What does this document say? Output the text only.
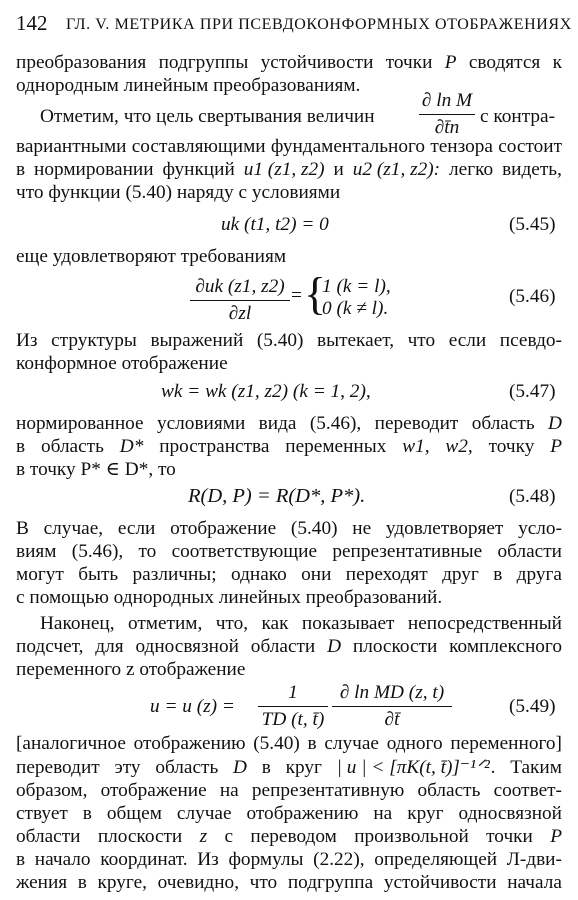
142 ГЛ. V. МЕТРИКА ПРИ ПСЕВДОКОНФОРМНЫХ ОТОБРАЖЕНИЯХ
преобразования подгруппы устойчивости точки P сводятся к
однородным линейным преобразованиям.
Отметим, что цель свертывания величин
∂ ln M
∂t̄n
с контра-
вариантными составляющими фундаментального тензора состоит
в нормировании функций u1 (z1, z2) и u2 (z1, z2): легко видеть,
что функции (5.40) наряду с условиями
uk (t1, t2) = 0	(5.45)
еще удовлетворяют требованиям
∂uk (z1, z2)
∂zl
= {
1 (k = l),
0 (k ≠ l).
(5.46)
Из структуры выражений (5.40) вытекает, что если псевдо-
конформное отображение
wk = wk (z1, z2) (k = 1, 2),	(5.47)
нормированное условиями вида (5.46), переводит область D
в область D* пространства переменных w1, w2, точку P
в точку P* ∈ D*, то
R(D, P) = R(D*, P*).	(5.48)
В случае, если отображение (5.40) не удовлетворяет усло-
виям (5.46), то соответствующие репрезентативные области
могут быть различны; однако они переходят друг в друга
с помощью однородных линейных преобразований.
Наконец, отметим, что, как показывает непосредственный
подсчет, для односвязной области D плоскости комплексного
переменного z отображение
u = u (z) =
1
TD (t, t̄)
∂ ln MD (z, t)
∂t̄
(5.49)
[аналогичное отображению (5.40) в случае одного переменного]
переводит эту область D в круг | u | < [πK(t, t̄)]⁻¹ᐟ² . Таким
образом, отображение на репрезентативную область соответ-
ствует в общем случае отображению на круг односвязной
области плоскости z с переводом произвольной точки P
в начало координат. Из формулы (2.22), определяющей Л-дви-
жения в круге, очевидно, что подгруппа устойчивости начала
